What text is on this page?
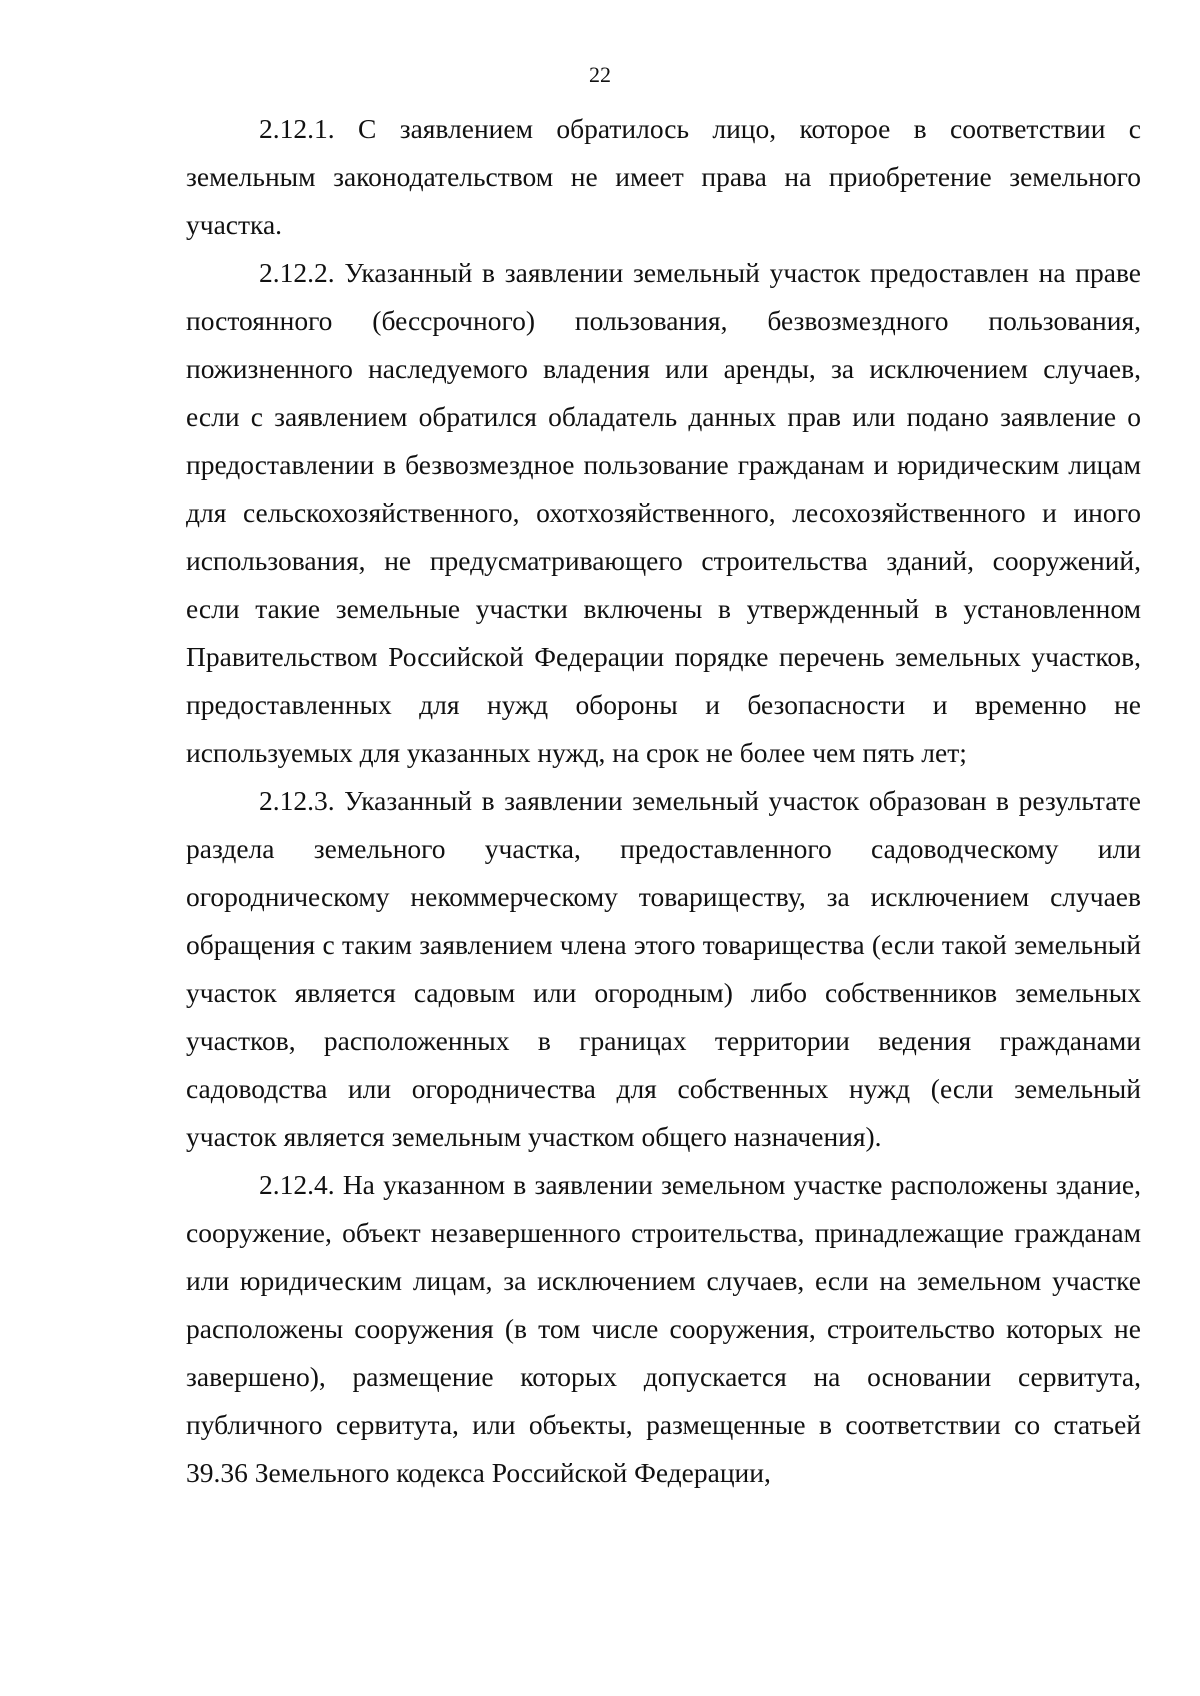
22

2.12.1. С заявлением обратилось лицо, которое в соответствии с земельным законодательством не имеет права на приобретение земельного участка.

2.12.2. Указанный в заявлении земельный участок предоставлен на праве постоянного (бессрочного) пользования, безвозмездного пользования, пожизненного наследуемого владения или аренды, за исключением случаев, если с заявлением обратился обладатель данных прав или подано заявление о предоставлении в безвозмездное пользование гражданам и юридическим лицам для сельскохозяйственного, охотхозяйственного, лесохозяйственного и иного использования, не предусматривающего строительства зданий, сооружений, если такие земельные участки включены в утвержденный в установленном Правительством Российской Федерации порядке перечень земельных участков, предоставленных для нужд обороны и безопасности и временно не используемых для указанных нужд, на срок не более чем пять лет;

2.12.3. Указанный в заявлении земельный участок образован в результате раздела земельного участка, предоставленного садоводческому или огородническому некоммерческому товариществу, за исключением случаев обращения с таким заявлением члена этого товарищества (если такой земельный участок является садовым или огородным) либо собственников земельных участков, расположенных в границах территории ведения гражданами садоводства или огородничества для собственных нужд (если земельный участок является земельным участком общего назначения).

2.12.4. На указанном в заявлении земельном участке расположены здание, сооружение, объект незавершенного строительства, принадлежащие гражданам или юридическим лицам, за исключением случаев, если на земельном участке расположены сооружения (в том числе сооружения, строительство которых не завершено), размещение которых допускается на основании сервитута, публичного сервитута, или объекты, размещенные в соответствии со статьей 39.36 Земельного кодекса Российской Федерации,
